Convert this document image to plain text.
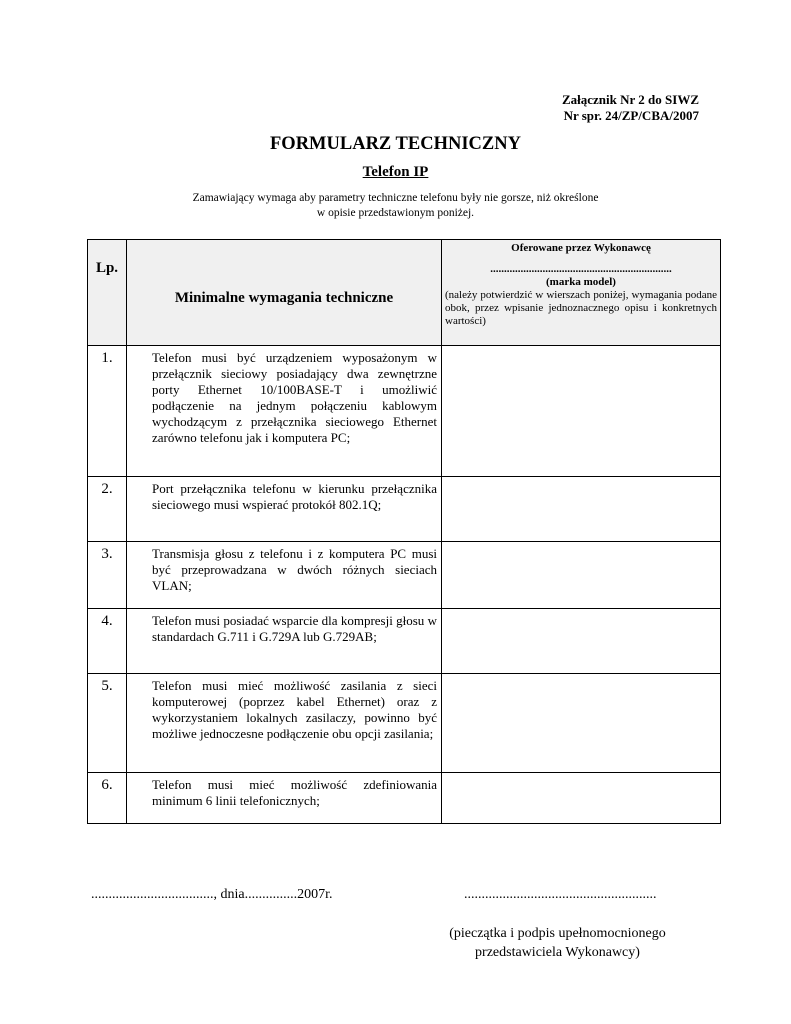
Załącznik Nr 2 do SIWZ
Nr spr. 24/ZP/CBA/2007
FORMULARZ TECHNICZNY
Telefon IP
Zamawiający wymaga aby parametry techniczne telefonu były nie gorsze, niż określone
w opisie przedstawionym poniżej.
Lp.	Minimalne wymagania techniczne	Oferowane przez Wykonawcę
..................................................................
(marka model)
(należy potwierdzić w wierszach poniżej, wymagania podane obok, przez wpisanie jednoznacznego opisu i konkretnych wartości)
1.	Telefon musi być urządzeniem wyposażonym w przełącznik sieciowy posiadający dwa zewnętrzne porty Ethernet 10/100BASE-T i umożliwić podłączenie na jednym połączeniu kablowym wychodzącym z przełącznika sieciowego Ethernet zarówno telefonu jak i komputera PC;	
2.	Port przełącznika telefonu w kierunku przełącznika sieciowego musi wspierać protokół 802.1Q;	
3.	Transmisja głosu z telefonu i z komputera PC musi być przeprowadzana w dwóch różnych sieciach VLAN;	
4.	Telefon musi posiadać wsparcie dla kompresji głosu w standardach G.711 i G.729A lub G.729AB;	
5.	Telefon musi mieć możliwość zasilania z sieci komputerowej (poprzez kabel Ethernet) oraz z wykorzystaniem lokalnych zasilaczy, powinno być możliwe jednoczesne podłączenie obu opcji zasilania;	
6.	Telefon musi mieć możliwość zdefiniowania minimum 6 linii telefonicznych;	
..................................., dnia...............2007r.	.......................................................
(pieczątka i podpis upełnomocnionego
przedstawiciela Wykonawcy)
